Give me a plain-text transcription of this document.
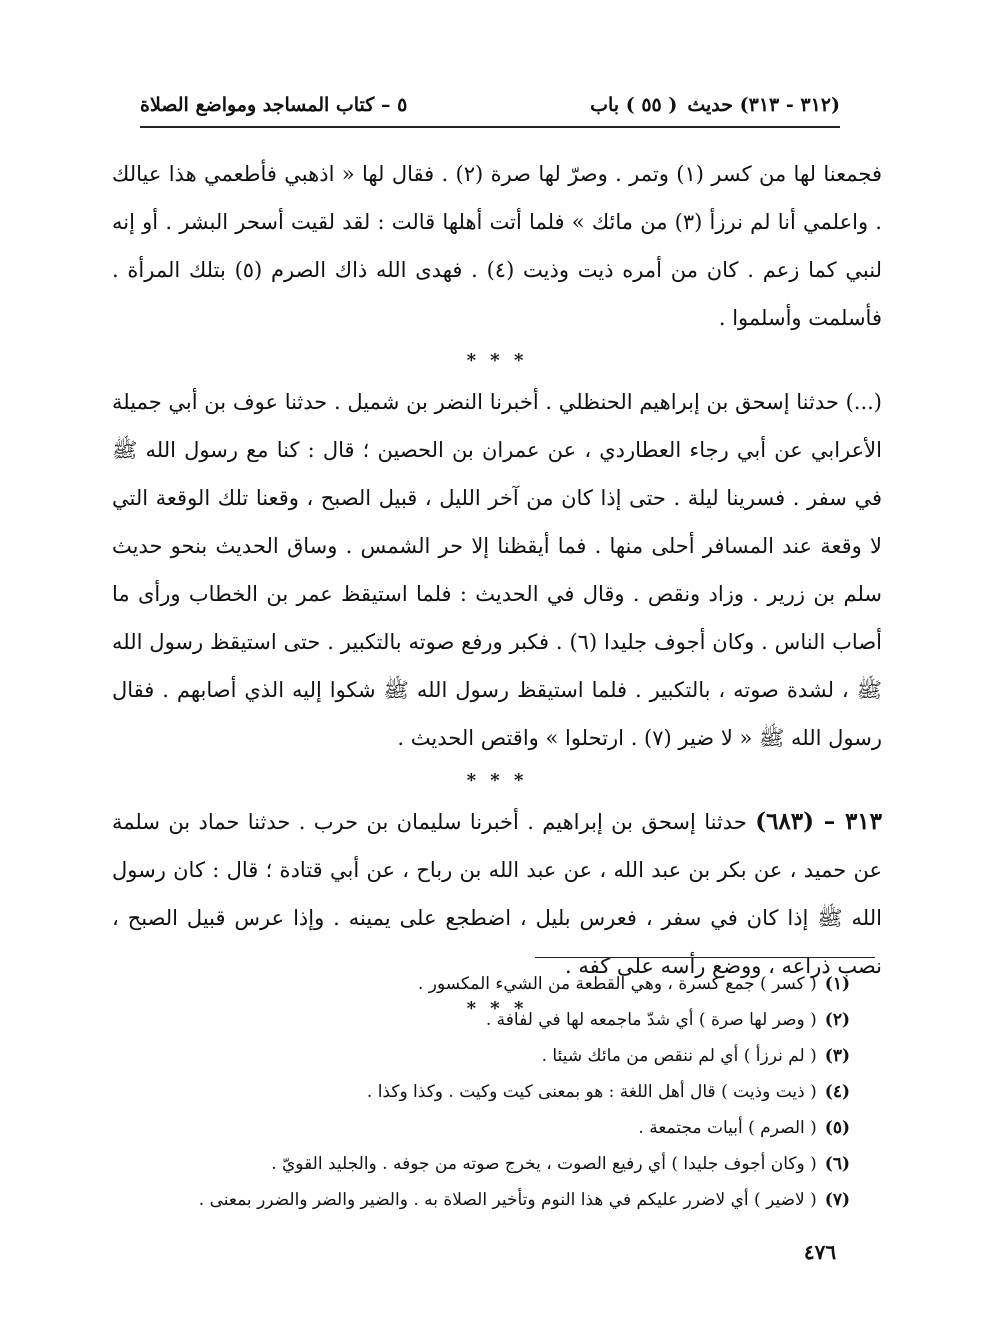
٥ – كتاب المساجد ومواضع الصلاة	( ٥٥ ) باب (٣١٢ - ٣١٣) حديث

فجمعنا لها من كسر (١) وتمر . وصرّ لها صرة (٢) . فقال لها « اذهبي فأطعمي هذا عيالك . واعلمي أنا لم نرزأ (٣) من مائك » فلما أتت أهلها قالت : لقد لقيت أسحر البشر . أو إنه لنبي كما زعم . كان من أمره ذيت وذيت (٤) . فهدى الله ذاك الصرم (٥) بتلك المرأة . فأسلمت وأسلموا .

* * *

(...) حدثنا إسحق بن إبراهيم الحنظلي . أخبرنا النضر بن شميل . حدثنا عوف بن أبي جميلة الأعرابي عن أبي رجاء العطاردي ، عن عمران بن الحصين ؛ قال : كنا مع رسول الله ﷺ في سفر . فسرينا ليلة . حتى إذا كان من آخر الليل ، قبيل الصبح ، وقعنا تلك الوقعة التي لا وقعة عند المسافر أحلى منها . فما أيقظنا إلا حر الشمس . وساق الحديث بنحو حديث سلم بن زرير . وزاد ونقص . وقال في الحديث : فلما استيقظ عمر بن الخطاب ورأى ما أصاب الناس . وكان أجوف جليدا (٦) . فكبر ورفع صوته بالتكبير . حتى استيقظ رسول الله ﷺ ، لشدة صوته ، بالتكبير . فلما استيقظ رسول الله ﷺ شكوا إليه الذي أصابهم . فقال رسول الله ﷺ « لا ضير (٧) . ارتحلوا » واقتص الحديث .

* * *

٣١٣ – (٦٨٣) حدثنا إسحق بن إبراهيم . أخبرنا سليمان بن حرب . حدثنا حماد بن سلمة عن حميد ، عن بكر بن عبد الله ، عن عبد الله بن رباح ، عن أبي قتادة ؛ قال : كان رسول الله ﷺ إذا كان في سفر ، فعرس بليل ، اضطجع على يمينه . وإذا عرس قبيل الصبح ، نصب ذراعه ، ووضع رأسه على كفه .

* * *

(١)( كسر ) جمع كسرة ، وهي القطعة من الشيء المكسور .

(٢)( وصر لها صرة ) أي شدّ ماجمعه لها في لفافة .

(٣)( لم نرزأ ) أي لم ننقص من مائك شيئا .

(٤)( ذيت وذيت ) قال أهل اللغة : هو بمعنى كيت وكيت . وكذا وكذا .

(٥)( الصرم ) أبيات مجتمعة .

(٦)( وكان أجوف جليدا ) أي رفيع الصوت ، يخرج صوته من جوفه . والجليد القويّ .

(٧)( لاضير ) أي لاضرر عليكم في هذا النوم وتأخير الصلاة به . والضير والضر والضرر بمعنى .

٤٧٦
